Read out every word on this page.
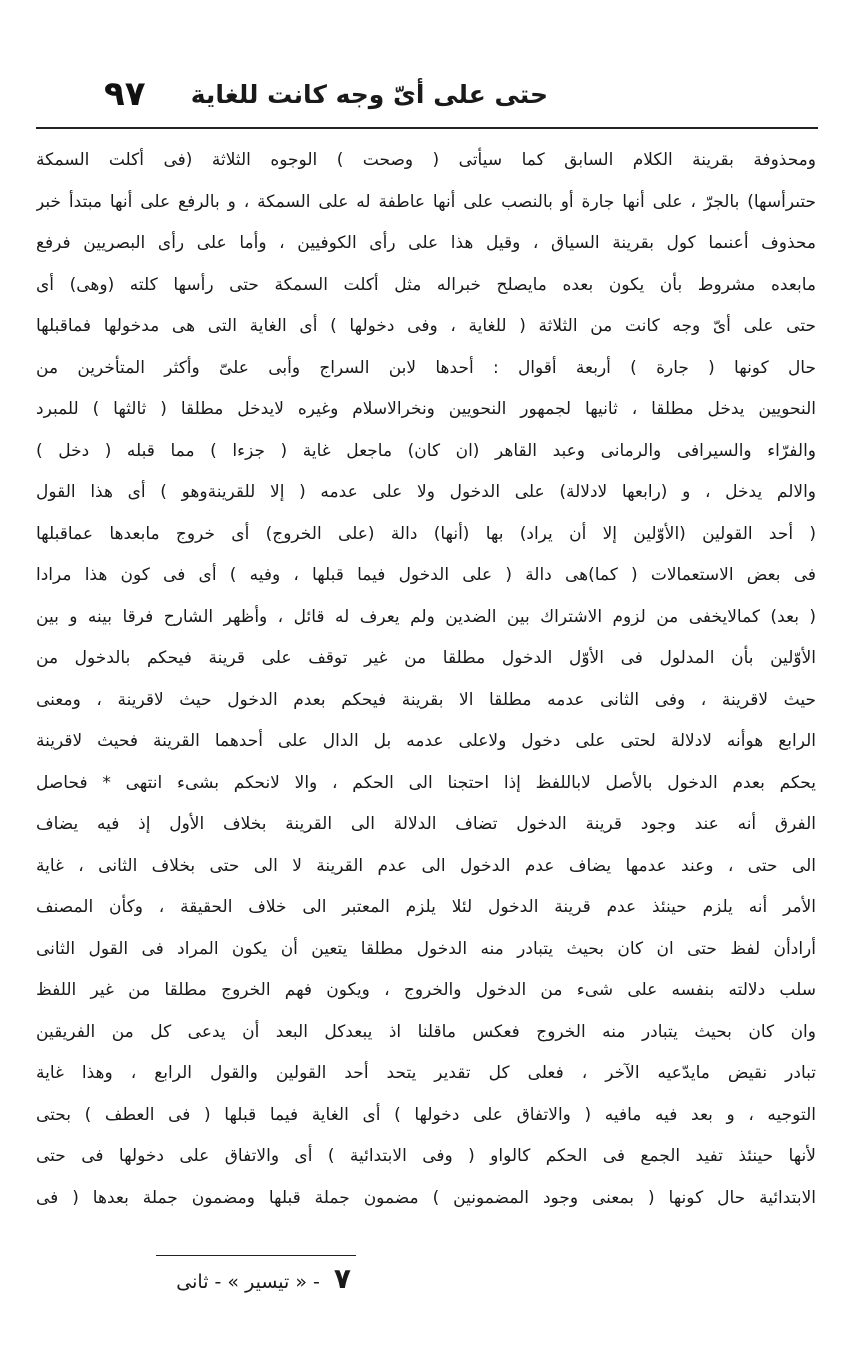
حتى على أىّ وجه كانت للغاية
٩٧
ومحذوفة بقرينة الكلام السابق كما سيأتى ( وصحت ) الوجوه الثلاثة (فى أكلت السمكة
حتىرأسها) بالجرّ ، على أنها جارة أو بالنصب على أنها عاطفة له على السمكة ، و بالرفع على أنها مبتدأ خبر
محذوف أعنىما كول بقرينة السياق ، وقيل هذا على رأى الكوفيين ، وأما على رأى البصريين فرفع
مابعده مشروط بأن يكون بعده مايصلح خبراله مثل أكلت السمكة حتى رأسها كلته (وهى) أى
حتى على أىّ وجه كانت من الثلاثة ( للغاية ، وفى دخولها ) أى الغاية التى هى مدخولها فماقبلها
حال كونها ( جارة ) أربعة أقوال : أحدها لابن السراج وأبى علىّ وأكثر المتأخرين من
النحويين يدخل مطلقا ، ثانيها لجمهور النحويين ونخرالاسلام وغيره لايدخل مطلقا ( ثالثها ) للمبرد
والفرّاء والسيرافى والرمانى وعبد القاهر (ان كان) ماجعل غاية ( جزءا ) مما قبله ( دخل )
والالم يدخل ، و (رابعها لادلالة) على الدخول ولا على عدمه ( إلا للقرينةوهو ) أى هذا القول
( أحد القولين (الأوّلين إلا أن يراد) بها (أنها) دالة (على الخروج) أى خروج مابعدها عماقبلها
فى بعض الاستعمالات ( كما)هى دالة ( على الدخول فيما قبلها ، وفيه ) أى فى كون هذا مرادا
( بعد) كمالايخفى من لزوم الاشتراك بين الضدين ولم يعرف له قائل ، وأظهر الشارح فرقا بينه و بين
الأوّلين بأن المدلول فى الأوّل الدخول مطلقا من غير توقف على قرينة فيحكم بالدخول من
حيث لاقرينة ، وفى الثانى عدمه مطلقا الا بقرينة فيحكم بعدم الدخول حيث لاقرينة ، ومعنى
الرابع هوأنه لادلالة لحتى على دخول ولاعلى عدمه بل الدال على أحدهما القرينة فحيث لاقرينة
يحكم بعدم الدخول بالأصل لاباللفظ إذا احتجنا الى الحكم ، والا لانحكم بشىء انتهى * فحاصل
الفرق أنه عند وجود قرينة الدخول تضاف الدلالة الى القرينة بخلاف الأول إذ فيه يضاف
الى حتى ، وعند عدمها يضاف عدم الدخول الى عدم القرينة لا الى حتى بخلاف الثانى ، غاية
الأمر أنه يلزم حينئذ عدم قرينة الدخول لئلا يلزم المعتبر الى خلاف الحقيقة ، وكأن المصنف
أرادأن لفظ حتى ان كان بحيث يتبادر منه الدخول مطلقا يتعين أن يكون المراد فى القول الثانى
سلب دلالته بنفسه على شىء من الدخول والخروج ، ويكون فهم الخروج مطلقا من غير اللفظ
وان كان بحيث يتبادر منه الخروج فعكس ماقلنا اذ يبعدكل البعد أن يدعى كل من الفريقين
تبادر نقيض مايدّعيه الآخر ، فعلى كل تقدير يتحد أحد القولين والقول الرابع ، وهذا غاية
التوجيه ، و بعد فيه مافيه ( والاتفاق على دخولها ) أى الغاية فيما قبلها ( فى العطف ) بحتى
لأنها حينئذ تفيد الجمع فى الحكم كالواو ( وفى الابتدائية ) أى والاتفاق على دخولها فى حتى
الابتدائية حال كونها ( بمعنى وجود المضمونين ) مضمون جملة قبلها ومضمون جملة بعدها ( فى
٧ - « تيسير » - ثانى
